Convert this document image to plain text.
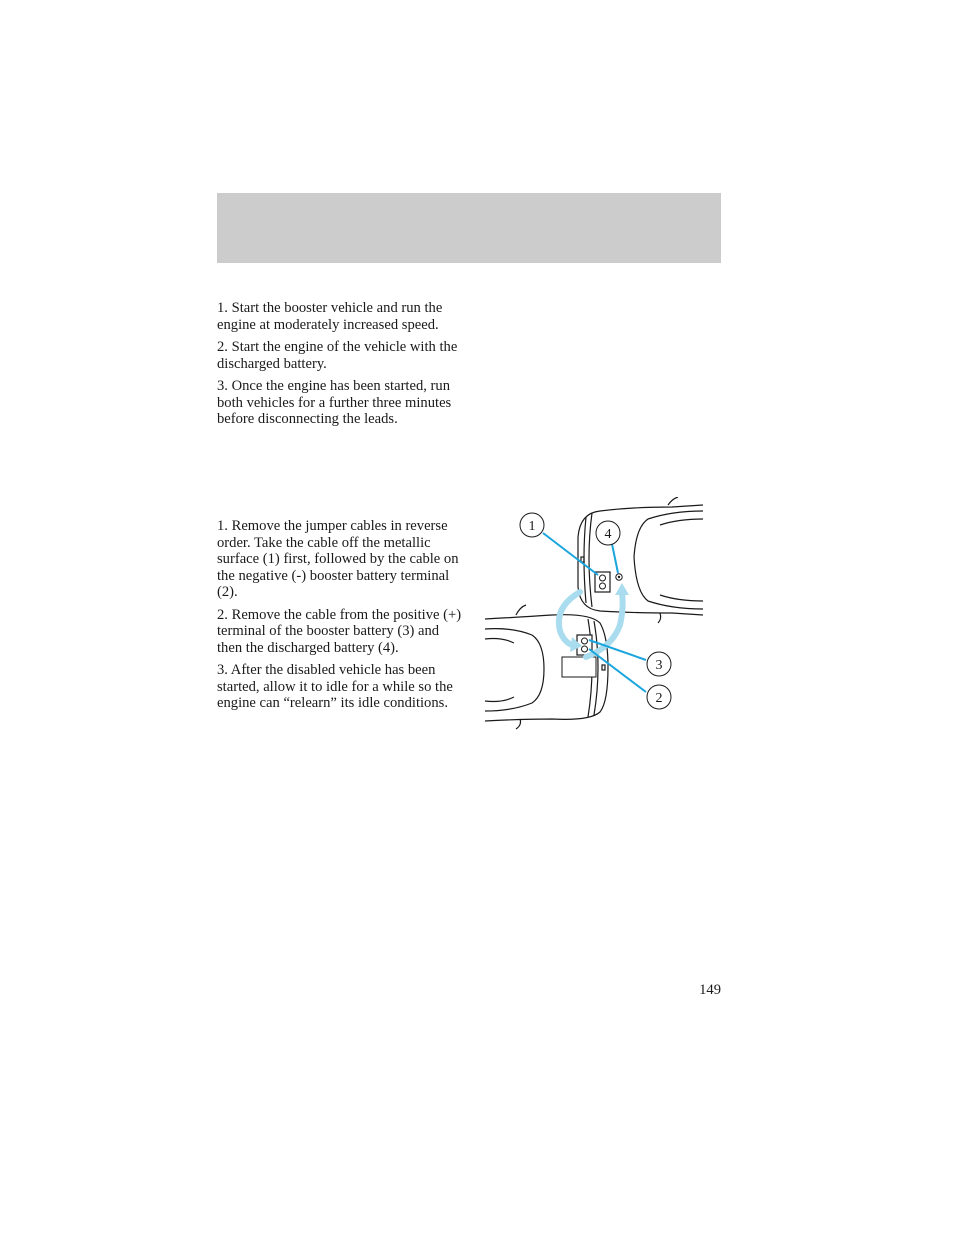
1. Start the booster vehicle and run the engine at moderately increased speed.

2. Start the engine of the vehicle with the discharged battery.

3. Once the engine has been started, run both vehicles for a further three minutes before disconnecting the leads.

1. Remove the jumper cables in reverse order. Take the cable off the metallic surface (1) first, followed by the cable on the negative (-) booster battery terminal (2).

2. Remove the cable from the positive (+) terminal of the booster battery (3) and then the discharged battery (4).

3. After the disabled vehicle has been started, allow it to idle for a while so the engine can “relearn” its idle conditions.

1
4
3
2
149
